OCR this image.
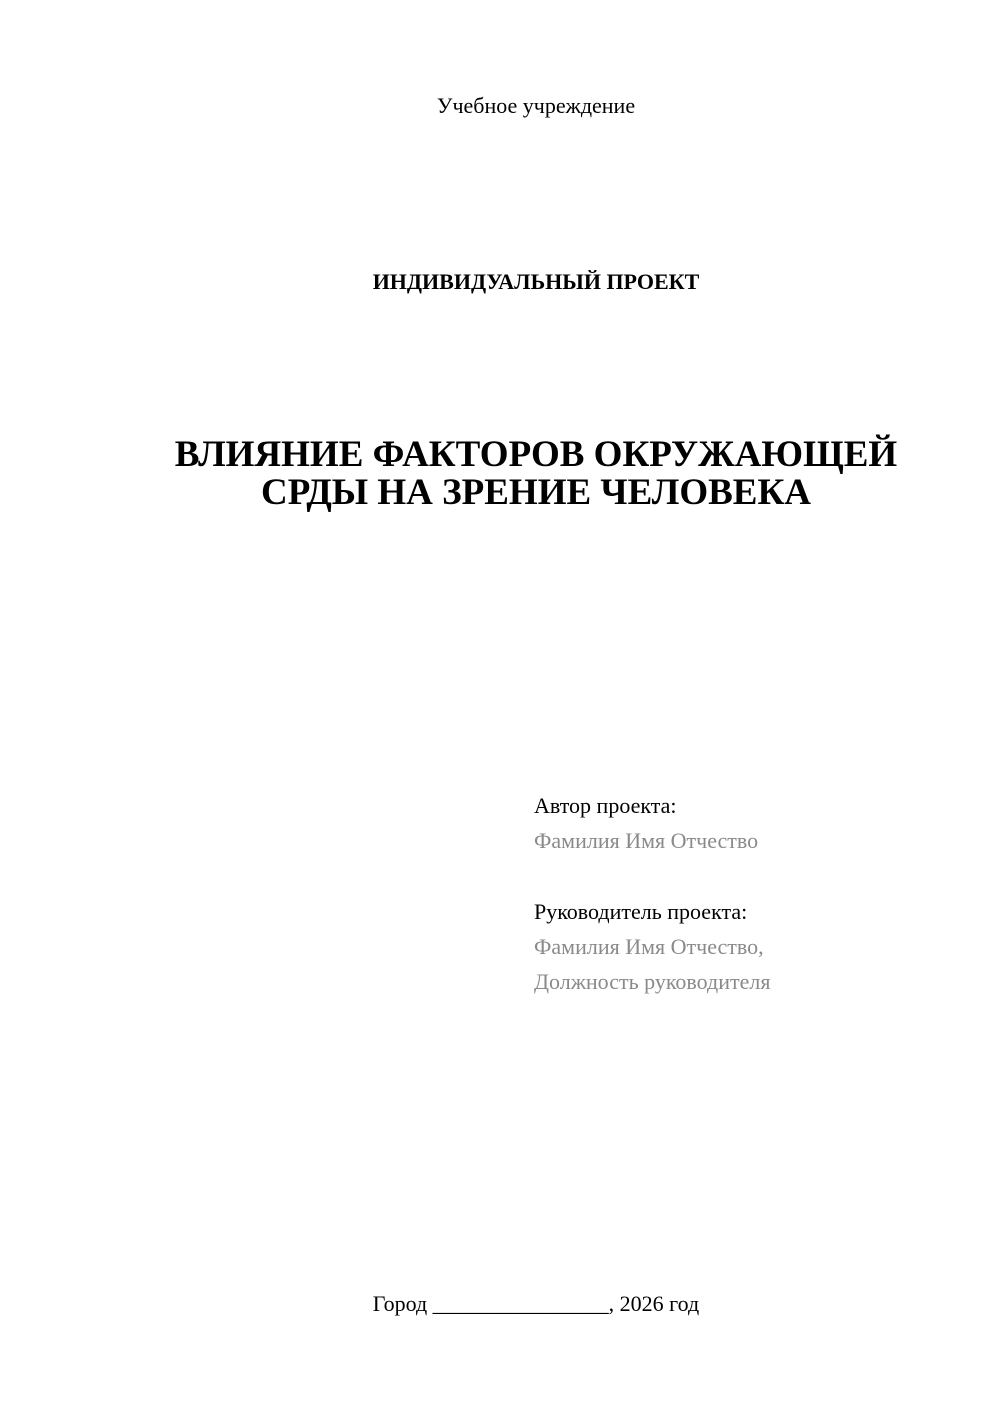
Учебное учреждение
ИНДИВИДУАЛЬНЫЙ ПРОЕКТ
ВЛИЯНИЕ ФАКТОРОВ ОКРУЖАЮЩЕЙ
СРДЫ НА ЗРЕНИЕ ЧЕЛОВЕКА
Автор проекта:
Фамилия Имя Отчество
Руководитель проекта:
Фамилия Имя Отчество,
Должность руководителя
Город ________________, 2026 год
